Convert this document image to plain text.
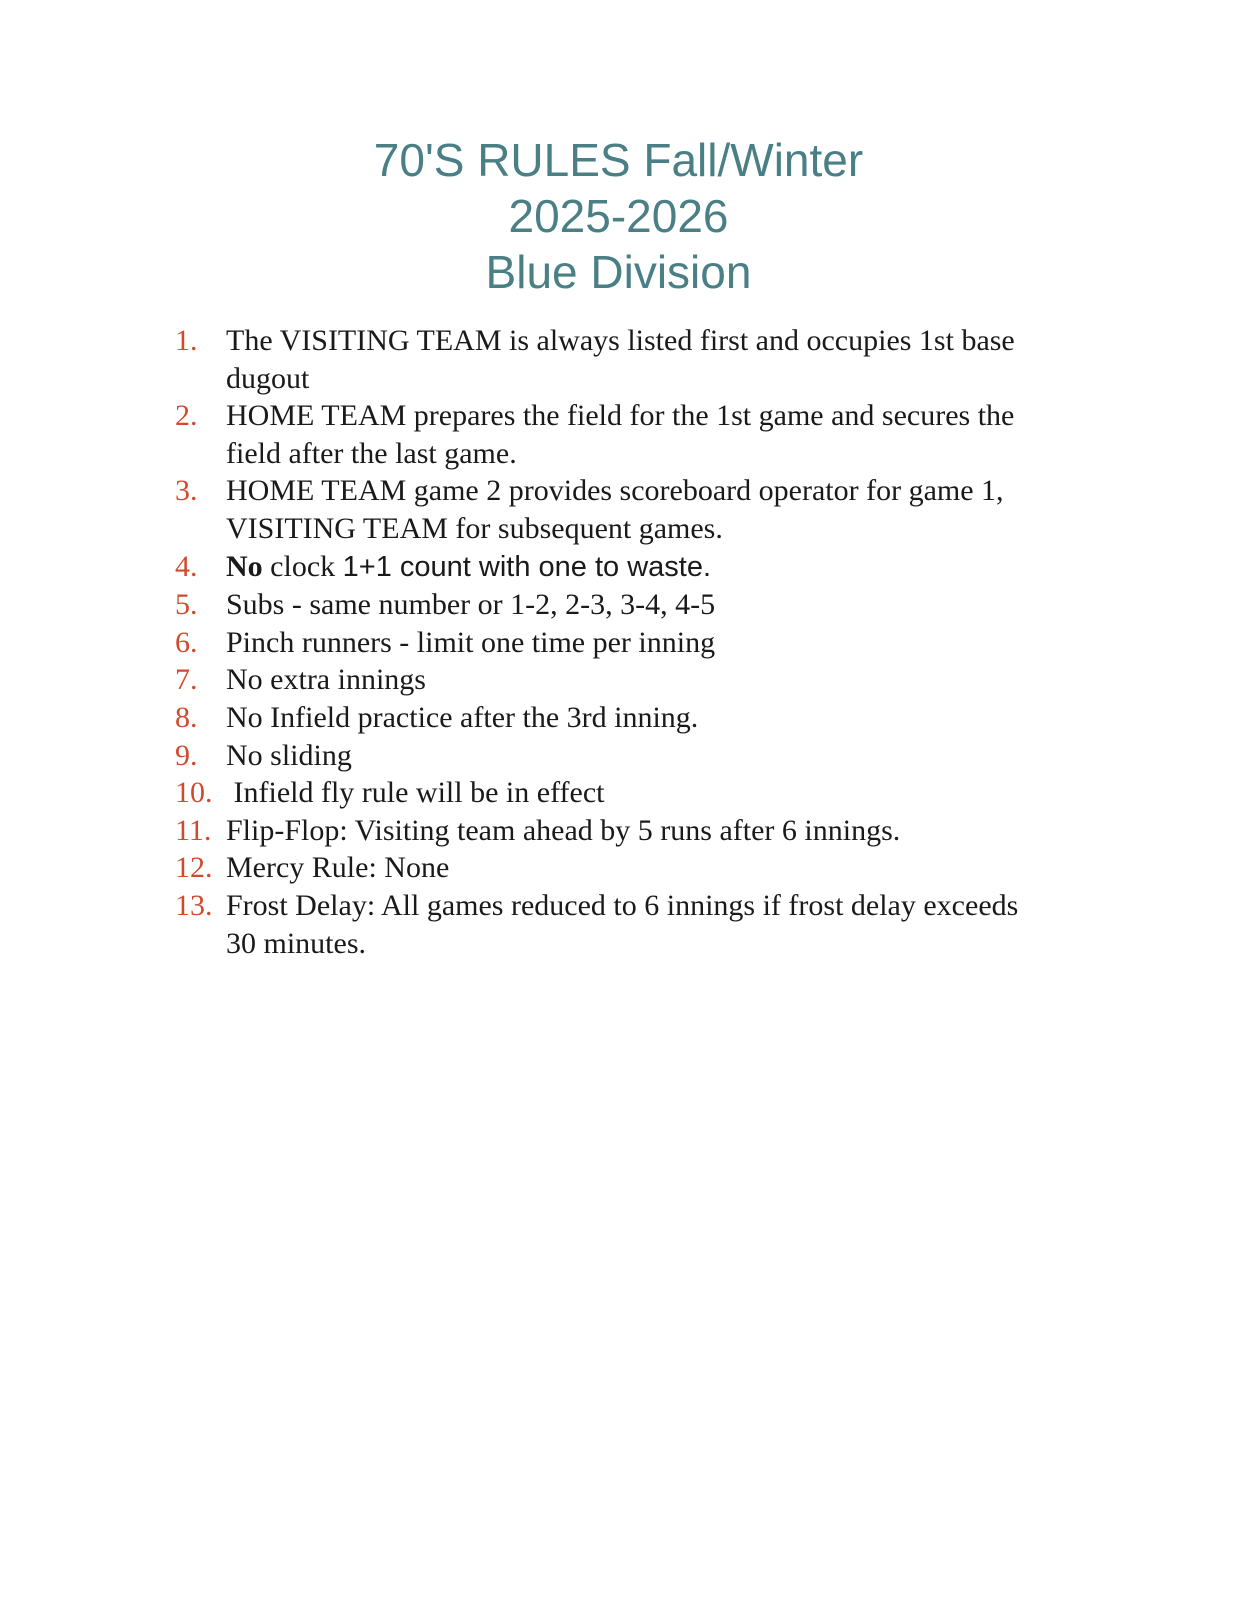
70'S RULES Fall/Winter
2025-2026
Blue Division
1. The VISITING TEAM is always listed first and occupies 1st base dugout
2. HOME TEAM prepares the field for the 1st game and secures the field after the last game.
3. HOME TEAM game 2 provides scoreboard operator for game 1, VISITING TEAM for subsequent games.
4. No clock 1+1 count with one to waste.
5. Subs - same number or 1-2, 2-3, 3-4, 4-5
6. Pinch runners - limit one time per inning
7. No extra innings
8. No Infield practice after the 3rd inning.
9. No sliding
10. Infield fly rule will be in effect
11. Flip-Flop: Visiting team ahead by 5 runs after 6 innings.
12. Mercy Rule: None
13. Frost Delay: All games reduced to 6 innings if frost delay exceeds 30 minutes.
